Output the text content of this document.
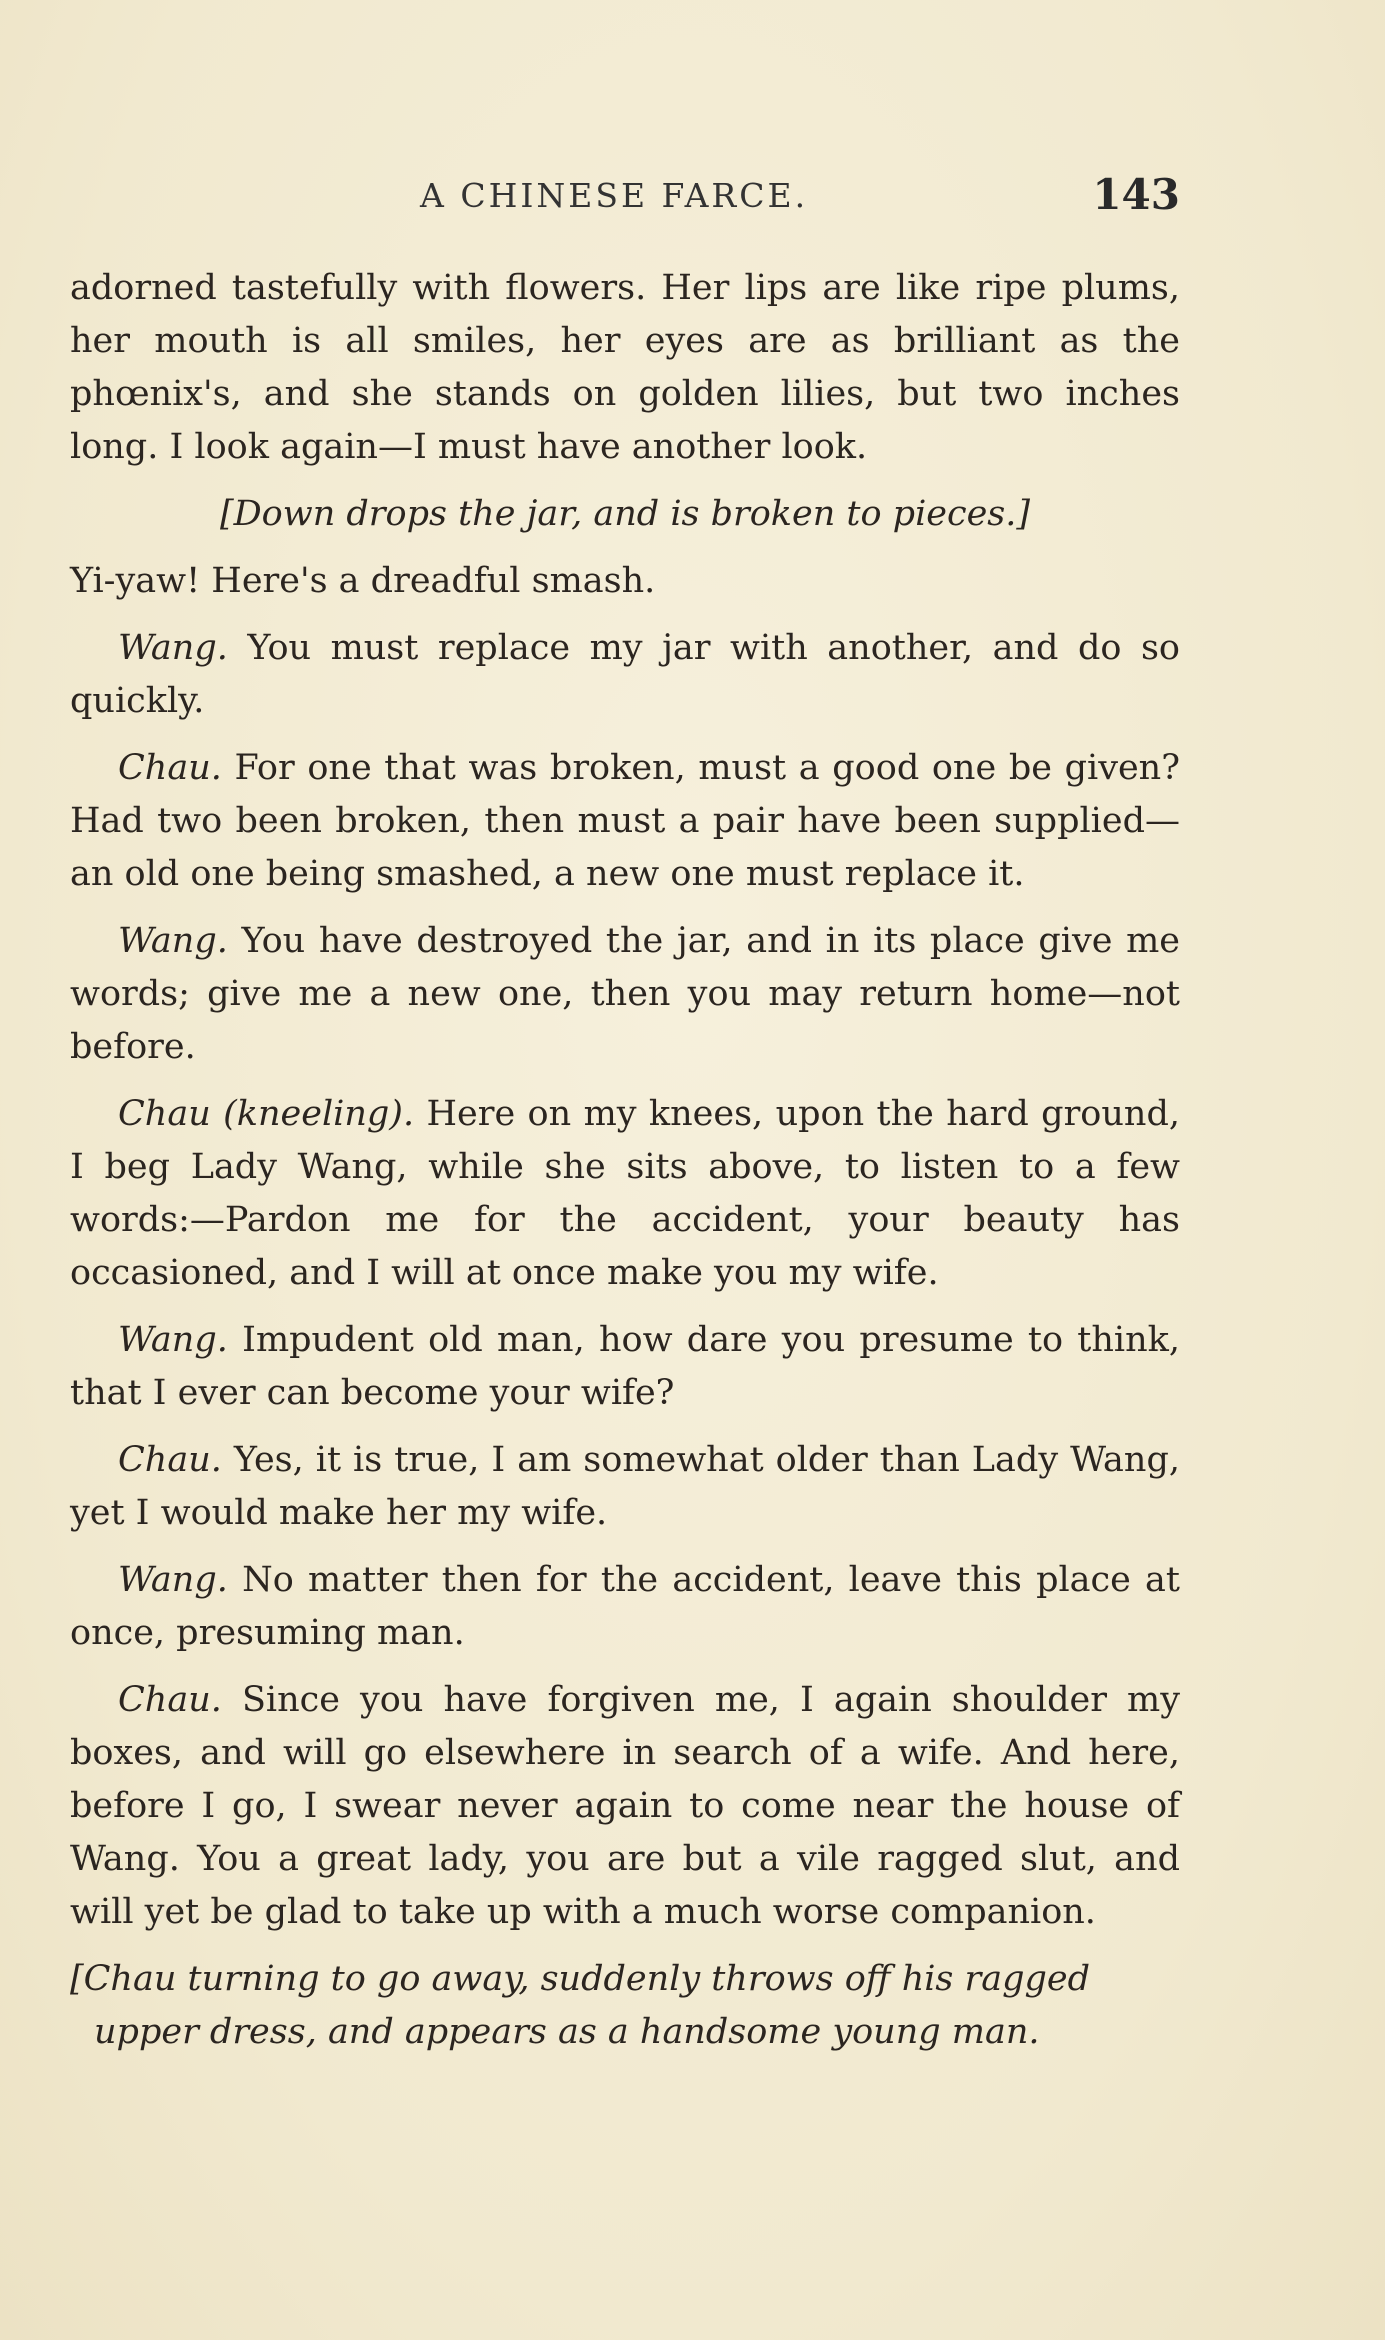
A CHINESE FARCE.	143

adorned tastefully with flowers. Her lips are like ripe plums, her mouth is all smiles, her eyes are as brilliant as the phœnix's, and she stands on golden lilies, but two inches long. I look again—I must have another look.

[Down drops the jar, and is broken to pieces.]

Yi-yaw! Here's a dreadful smash.

Wang. You must replace my jar with another, and do so quickly.

Chau. For one that was broken, must a good one be given? Had two been broken, then must a pair have been supplied—an old one being smashed, a new one must replace it.

Wang. You have destroyed the jar, and in its place give me words; give me a new one, then you may return home—not before.

Chau (kneeling). Here on my knees, upon the hard ground, I beg Lady Wang, while she sits above, to listen to a few words:—Pardon me for the accident, your beauty has occasioned, and I will at once make you my wife.

Wang. Impudent old man, how dare you presume to think, that I ever can become your wife?

Chau. Yes, it is true, I am somewhat older than Lady Wang, yet I would make her my wife.

Wang. No matter then for the accident, leave this place at once, presuming man.

Chau. Since you have forgiven me, I again shoulder my boxes, and will go elsewhere in search of a wife. And here, before I go, I swear never again to come near the house of Wang. You a great lady, you are but a vile ragged slut, and will yet be glad to take up with a much worse companion.

[Chau turning to go away, suddenly throws off his ragged upper dress, and appears as a handsome young man.
